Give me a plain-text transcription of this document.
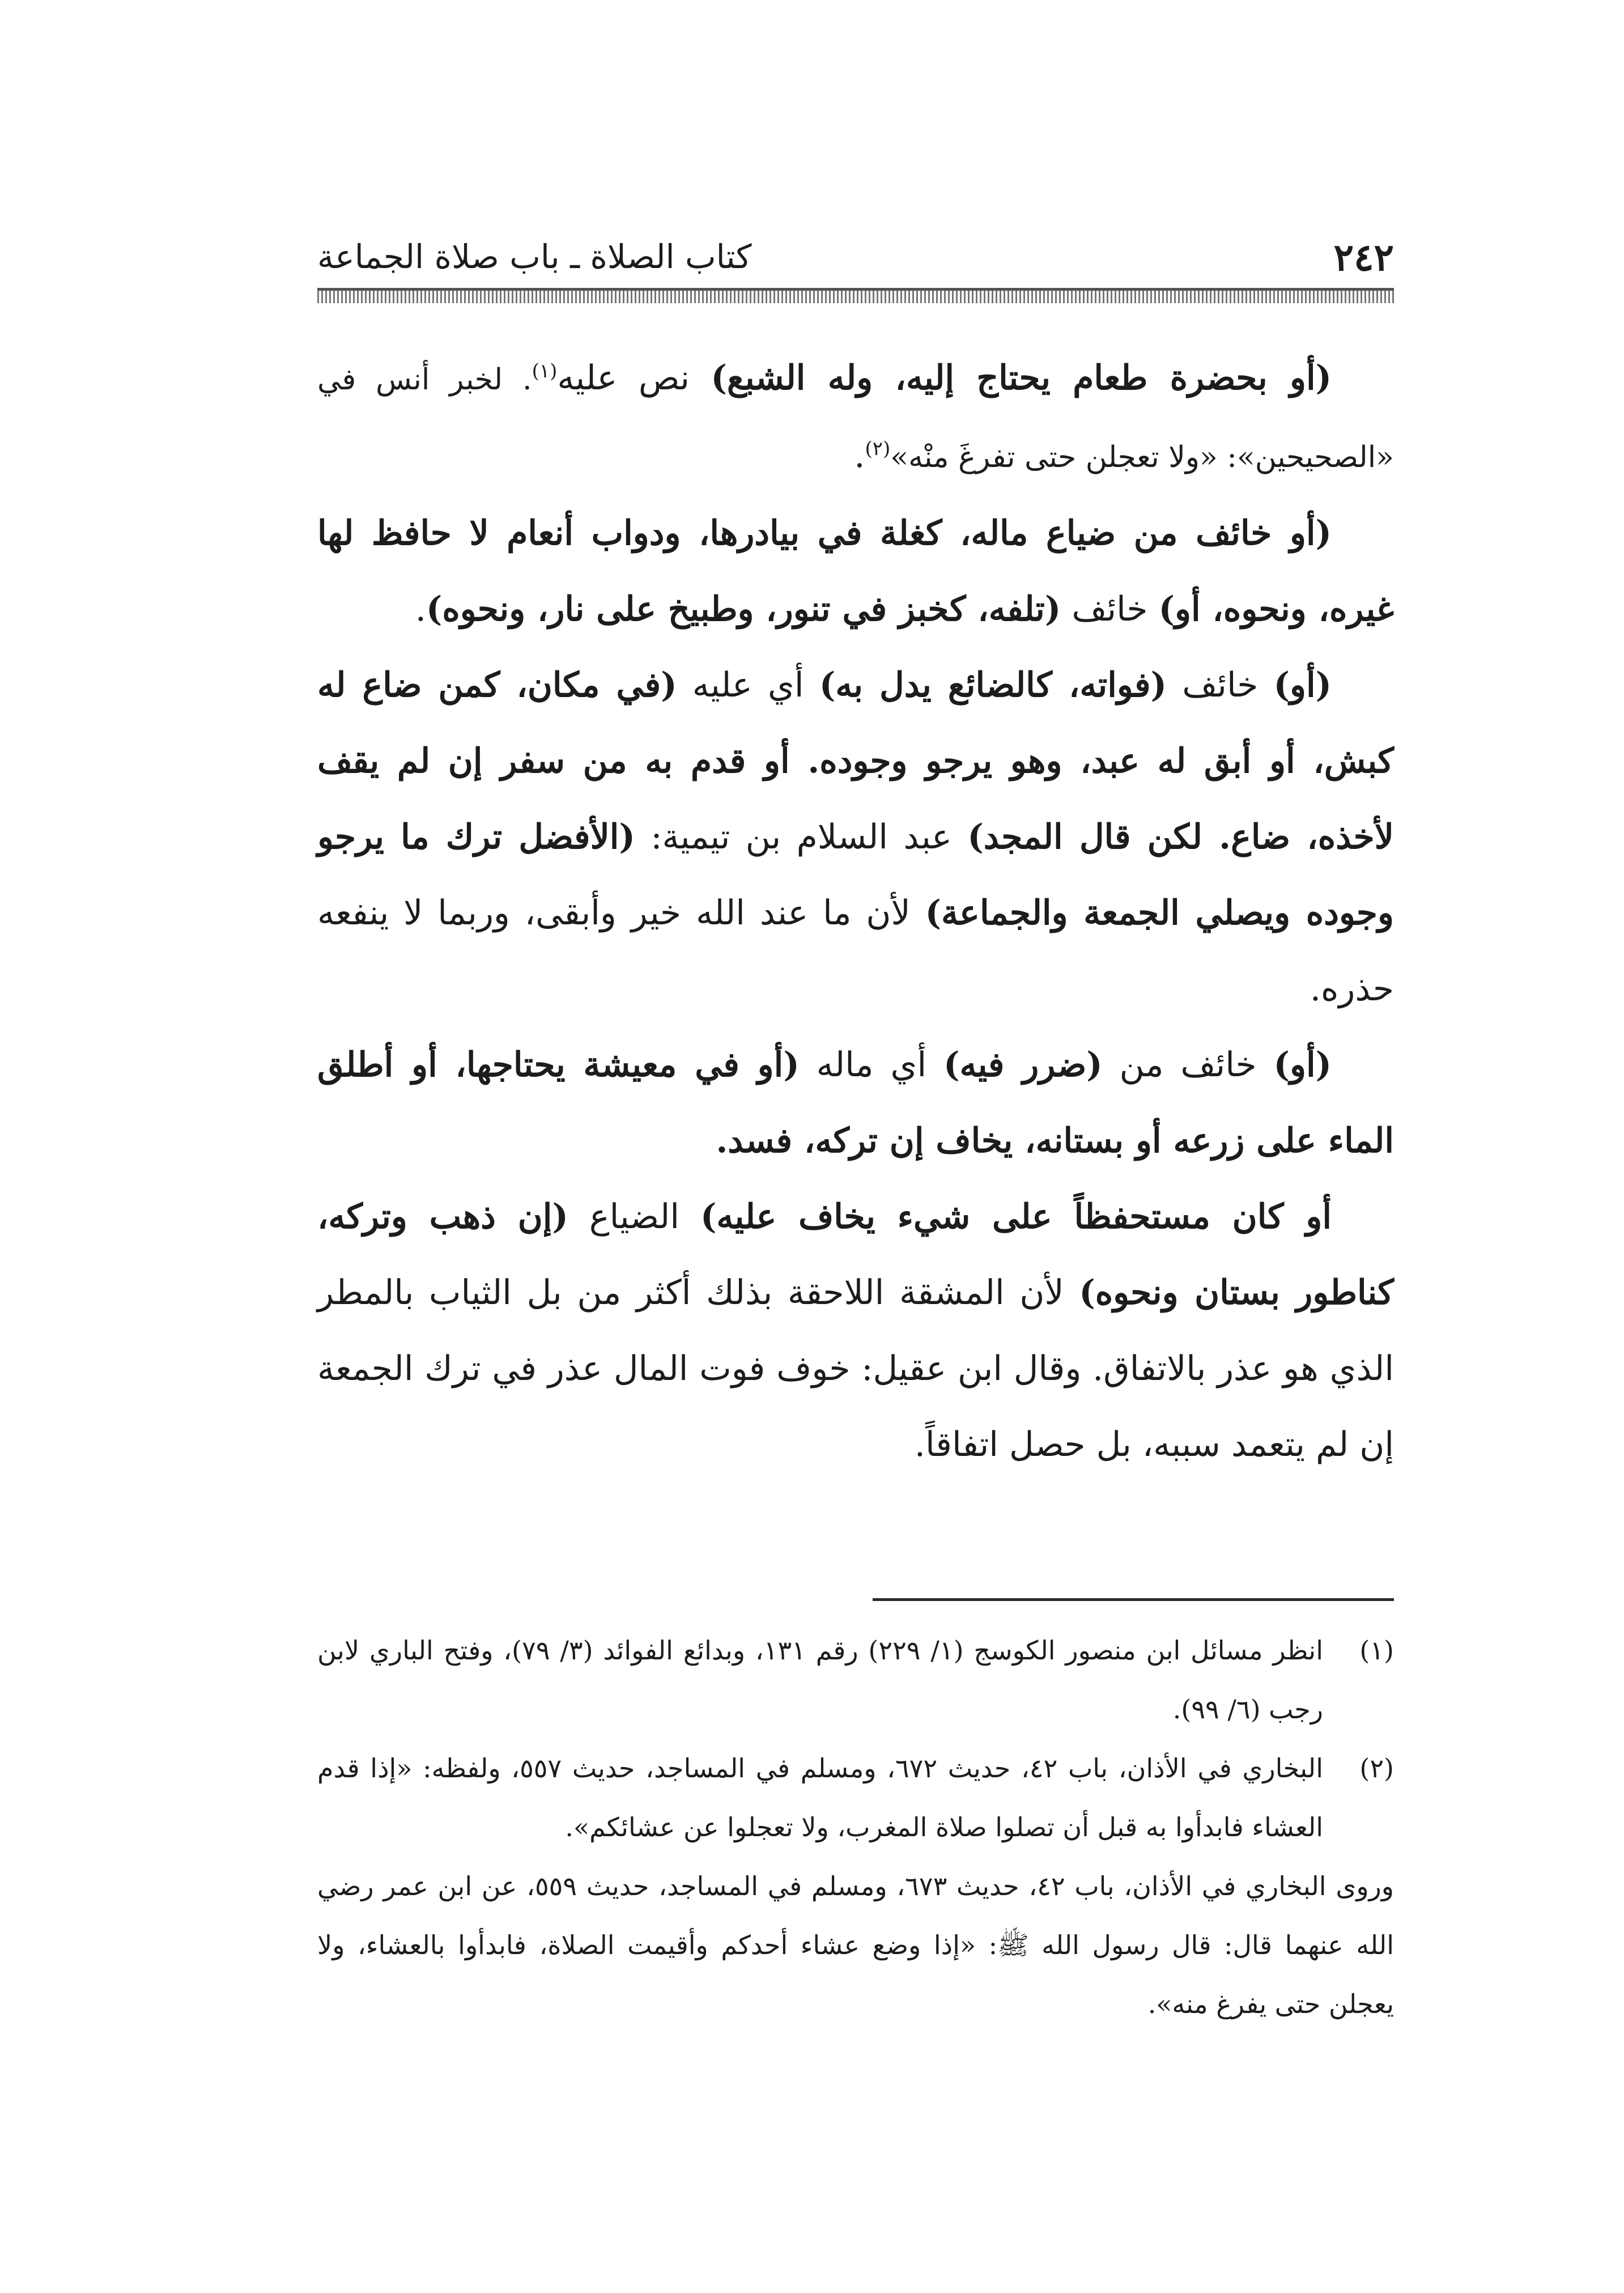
٢٤٢
كتاب الصلاة ـ باب صلاة الجماعة

(أو بحضرة طعام يحتاج إليه، وله الشبع) نص عليه$^{(١)}$. لخبر أنس في «الصحيحين»: «ولا تعجلن حتى تفرغَ منْه»$^{(٢)}$.

(أو خائف من ضياع ماله، كغلة في بيادرها، ودواب أنعام لا حافظ لها غيره، ونحوه، أو) خائف (تلفه، كخبز في تنور، وطبيخ على نار، ونحوه).

(أو) خائف (فواته، كالضائع يدل به) أي عليه (في مكان، كمن ضاع له كبش، أو أبق له عبد، وهو يرجو وجوده. أو قدم به من سفر إن لم يقف لأخذه، ضاع. لكن قال المجد) عبد السلام بن تيمية: (الأفضل ترك ما يرجو وجوده ويصلي الجمعة والجماعة) لأن ما عند الله خير وأبقى، وربما لا ينفعه حذره.

(أو) خائف من (ضرر فيه) أي ماله (أو في معيشة يحتاجها، أو أطلق الماء على زرعه أو بستانه، يخاف إن تركه، فسد.

أو كان مستحفظاً على شيء يخاف عليه) الضياع (إن ذهب وتركه، كناطور بستان ونحوه) لأن المشقة اللاحقة بذلك أكثر من بل الثياب بالمطر الذي هو عذر بالاتفاق. وقال ابن عقيل: خوف فوت المال عذر في ترك الجمعة إن لم يتعمد سببه، بل حصل اتفاقاً.

(١)
انظر مسائل ابن منصور الكوسج (١/ ٢٢٩) رقم ١٣١، وبدائع الفوائد (٣/ ٧٩)، وفتح الباري لابن رجب (٦/ ٩٩).

(٢)
البخاري في الأذان، باب ٤٢، حديث ٦٧٢، ومسلم في المساجد، حديث ٥٥٧، ولفظه: «إذا قدم العشاء فابدأوا به قبل أن تصلوا صلاة المغرب، ولا تعجلوا عن عشائكم».

وروى البخاري في الأذان، باب ٤٢، حديث ٦٧٣، ومسلم في المساجد، حديث ٥٥٩، عن ابن عمر رضي الله عنهما قال: قال رسول الله ﷺ: «إذا وضع عشاء أحدكم وأقيمت الصلاة، فابدأوا بالعشاء، ولا يعجلن حتى يفرغ منه».
